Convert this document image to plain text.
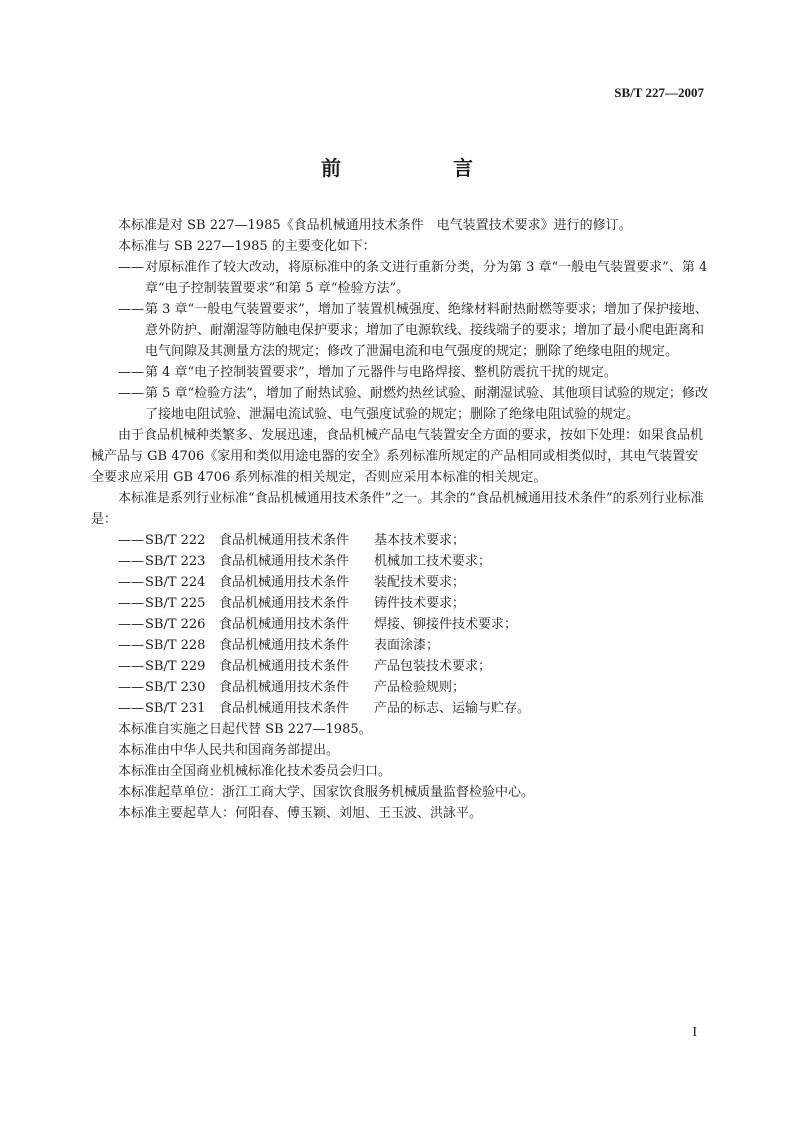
SB/T 227—2007
前　言

本标准是对 SB 227—1985《食品机械通用技术条件　电气装置技术要求》进行的修订。

本标准与 SB 227—1985 的主要变化如下：

—— 对原标准作了较大改动，将原标准中的条文进行重新分类，分为第 3 章“一般电气装置要求”、第 4 章“电子控制装置要求”和第 5 章“检验方法”。
—— 第 3 章“一般电气装置要求”，增加了装置机械强度、绝缘材料耐热耐燃等要求；增加了保护接地、意外防护、耐潮湿等防触电保护要求；增加了电源软线、接线端子的要求；增加了最小爬电距离和电气间隙及其测量方法的规定；修改了泄漏电流和电气强度的规定；删除了绝缘电阻的规定。
—— 第 4 章“电子控制装置要求”，增加了元器件与电路焊接、整机防震抗干扰的规定。
—— 第 5 章“检验方法”，增加了耐热试验、耐燃灼热丝试验、耐潮湿试验、其他项目试验的规定；修改了接地电阻试验、泄漏电流试验、电气强度试验的规定；删除了绝缘电阻试验的规定。

由于食品机械种类繁多、发展迅速，食品机械产品电气装置安全方面的要求，按如下处理：如果食品机械产品与 GB 4706《家用和类似用途电器的安全》系列标准所规定的产品相同或相类似时，其电气装置安全要求应采用 GB 4706 系列标准的相关规定，否则应采用本标准的相关规定。

本标准是系列行业标准“食品机械通用技术条件”之一。其余的“食品机械通用技术条件”的系列行业标准是：

—— SB/T 222	食品机械通用技术条件	基本技术要求；
—— SB/T 223	食品机械通用技术条件	机械加工技术要求；
—— SB/T 224	食品机械通用技术条件	装配技术要求；
—— SB/T 225	食品机械通用技术条件	铸件技术要求；
—— SB/T 226	食品机械通用技术条件	焊接、铆接件技术要求；
—— SB/T 228	食品机械通用技术条件	表面涂漆；
—— SB/T 229	食品机械通用技术条件	产品包装技术要求；
—— SB/T 230	食品机械通用技术条件	产品检验规则；
—— SB/T 231	食品机械通用技术条件	产品的标志、运输与贮存。

本标准自实施之日起代替 SB 227—1985。

本标准由中华人民共和国商务部提出。

本标准由全国商业机械标准化技术委员会归口。

本标准起草单位：浙江工商大学、国家饮食服务机械质量监督检验中心。

本标准主要起草人：何阳春、傅玉颖、刘旭、王玉波、洪詠平。

I
